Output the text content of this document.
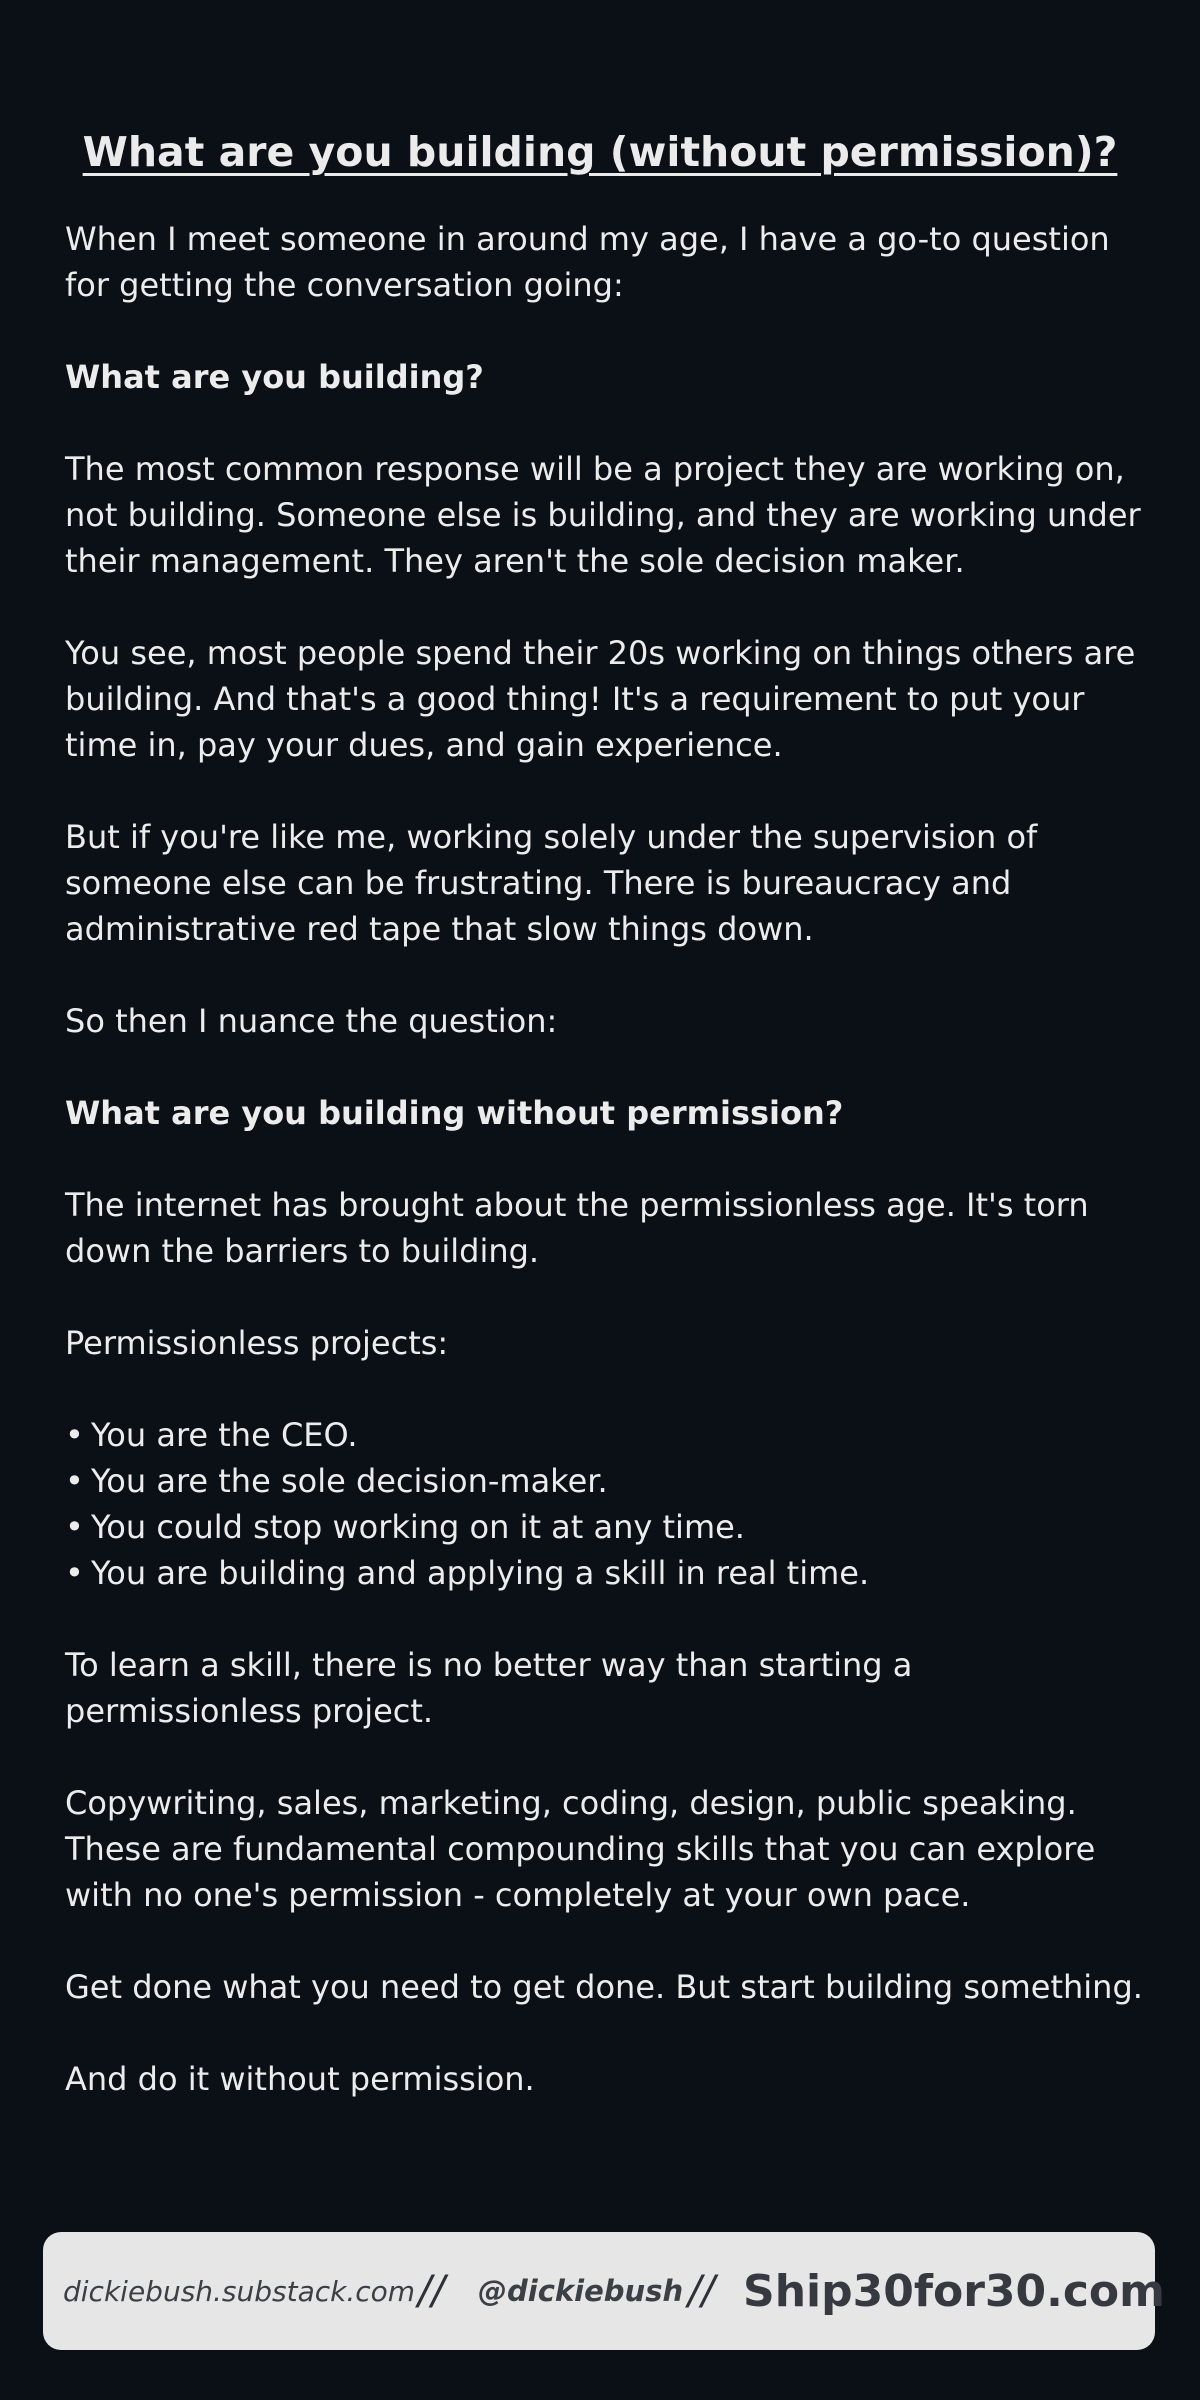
What are you building (without permission)?

When I meet someone in around my age, I have a go-to question for getting the conversation going:

What are you building?

The most common response will be a project they are working on, not building. Someone else is building, and they are working under their management. They aren't the sole decision maker.

You see, most people spend their 20s working on things others are building. And that's a good thing! It's a requirement to put your time in, pay your dues, and gain experience.

But if you're like me, working solely under the supervision of someone else can be frustrating. There is bureaucracy and administrative red tape that slow things down.

So then I nuance the question:

What are you building without permission?

The internet has brought about the permissionless age. It's torn down the barriers to building.

Permissionless projects:

• You are the CEO.
• You are the sole decision-maker.
• You could stop working on it at any time.
• You are building and applying a skill in real time.

To learn a skill, there is no better way than starting a permissionless project.

Copywriting, sales, marketing, coding, design, public speaking. These are fundamental compounding skills that you can explore with no one's permission - completely at your own pace.

Get done what you need to get done. But start building something.

And do it without permission.

dickiebush.substack.com // @dickiebush // Ship30for30.com
